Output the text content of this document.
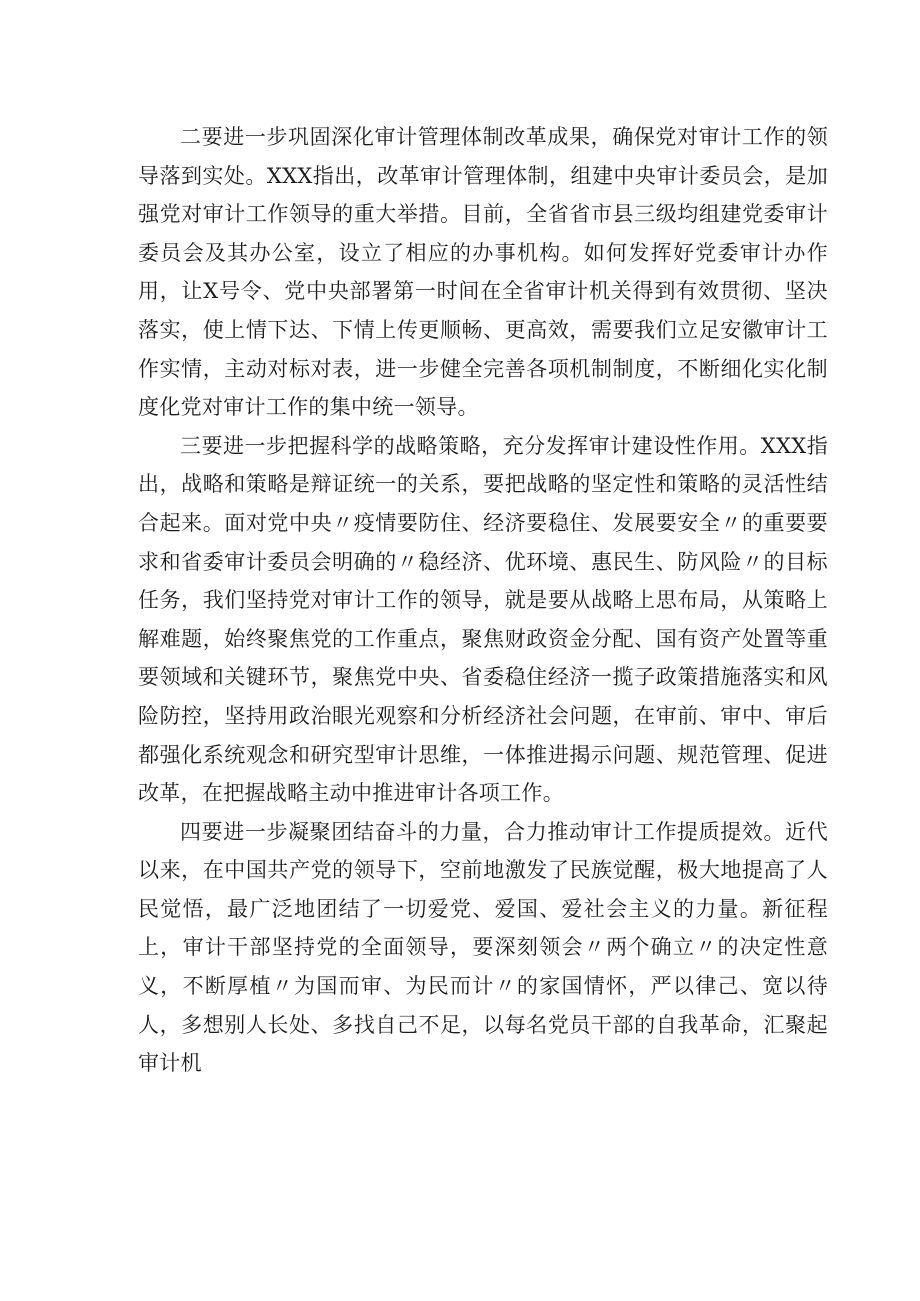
二要进一步巩固深化审计管理体制改革成果，确保党对审计工作的领导落到实处。XXX指出，改革审计管理体制，组建中央审计委员会，是加强党对审计工作领导的重大举措。目前，全省省市县三级均组建党委审计委员会及其办公室，设立了相应的办事机构。如何发挥好党委审计办作用，让X号令、党中央部署第一时间在全省审计机关得到有效贯彻、坚决落实，使上情下达、下情上传更顺畅、更高效，需要我们立足安徽审计工作实情，主动对标对表，进一步健全完善各项机制制度，不断细化实化制度化党对审计工作的集中统一领导。

三要进一步把握科学的战略策略，充分发挥审计建设性作用。XXX指出，战略和策略是辩证统一的关系，要把战略的坚定性和策略的灵活性结合起来。面对党中央〃疫情要防住、经济要稳住、发展要安全〃的重要要求和省委审计委员会明确的〃稳经济、优环境、惠民生、防风险〃的目标任务，我们坚持党对审计工作的领导，就是要从战略上思布局，从策略上解难题，始终聚焦党的工作重点，聚焦财政资金分配、国有资产处置等重要领域和关键环节，聚焦党中央、省委稳住经济一揽子政策措施落实和风险防控，坚持用政治眼光观察和分析经济社会问题，在审前、审中、审后都强化系统观念和研究型审计思维，一体推进揭示问题、规范管理、促进改革，在把握战略主动中推进审计各项工作。

四要进一步凝聚团结奋斗的力量，合力推动审计工作提质提效。近代以来，在中国共产党的领导下，空前地激发了民族觉醒，极大地提高了人民觉悟，最广泛地团结了一切爱党、爱国、爱社会主义的力量。新征程上，审计干部坚持党的全面领导，要深刻领会〃两个确立〃的决定性意义，不断厚植〃为国而审、为民而计〃的家国情怀，严以律己、宽以待人，多想别人长处、多找自己不足，以每名党员干部的自我革命，汇聚起审计机
